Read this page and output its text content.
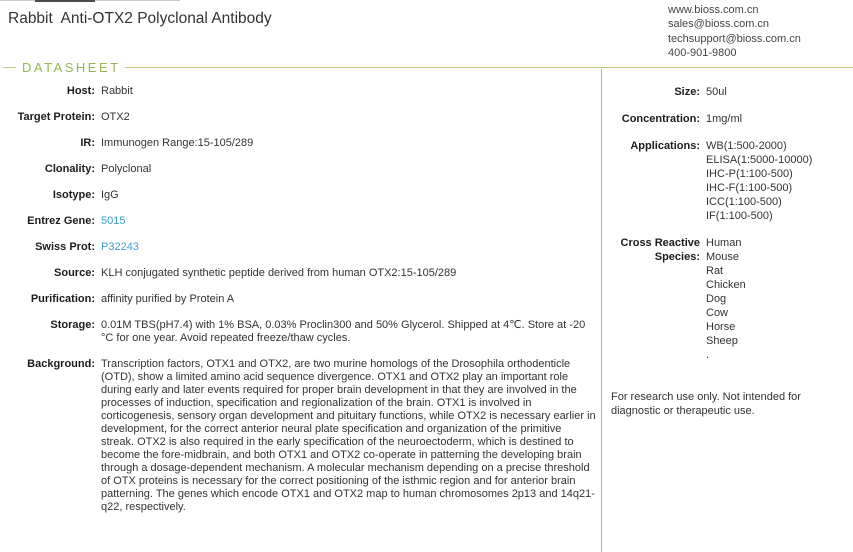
Rabbit  Anti-OTX2 Polyclonal Antibody	www.bioss.com.cn
sales@bioss.com.cn
techsupport@bioss.com.cn
400-901-9800
DATASHEET
Host: Rabbit
Target Protein: OTX2
IR: Immunogen Range:15-105/289
Clonality: Polyclonal
Isotype: IgG
Entrez Gene: 5015
Swiss Prot: P32243
Source: KLH conjugated synthetic peptide derived from human OTX2:15-105/289
Purification: affinity purified by Protein A
Storage: 0.01M TBS(pH7.4) with 1% BSA, 0.03% Proclin300 and 50% Glycerol. Shipped at 4℃. Store at -20 °C for one year. Avoid repeated freeze/thaw cycles.
Background: Transcription factors, OTX1 and OTX2, are two murine homologs of the Drosophila orthodenticle (OTD), show a limited amino acid sequence divergence. OTX1 and OTX2 play an important role during early and later events required for proper brain development in that they are involved in the processes of induction, specification and regionalization of the brain. OTX1 is involved in corticogenesis, sensory organ development and pituitary functions, while OTX2 is necessary earlier in development, for the correct anterior neural plate specification and organization of the primitive streak. OTX2 is also required in the early specification of the neuroectoderm, which is destined to become the fore-midbrain, and both OTX1 and OTX2 co-operate in patterning the developing brain through a dosage-dependent mechanism. A molecular mechanism depending on a precise threshold of OTX proteins is necessary for the correct positioning of the isthmic region and for anterior brain patterning. The genes which encode OTX1 and OTX2 map to human chromosomes 2p13 and 14q21-q22, respectively.
Size: 50ul
Concentration: 1mg/ml
Applications: WB(1:500-2000)
ELISA(1:5000-10000)
IHC-P(1:100-500)
IHC-F(1:100-500)
ICC(1:100-500)
IF(1:100-500)
Cross Reactive Species:
Human
Mouse
Rat
Chicken
Dog
Cow
Horse
Sheep
.
For research use only. Not intended for diagnostic or therapeutic use.
